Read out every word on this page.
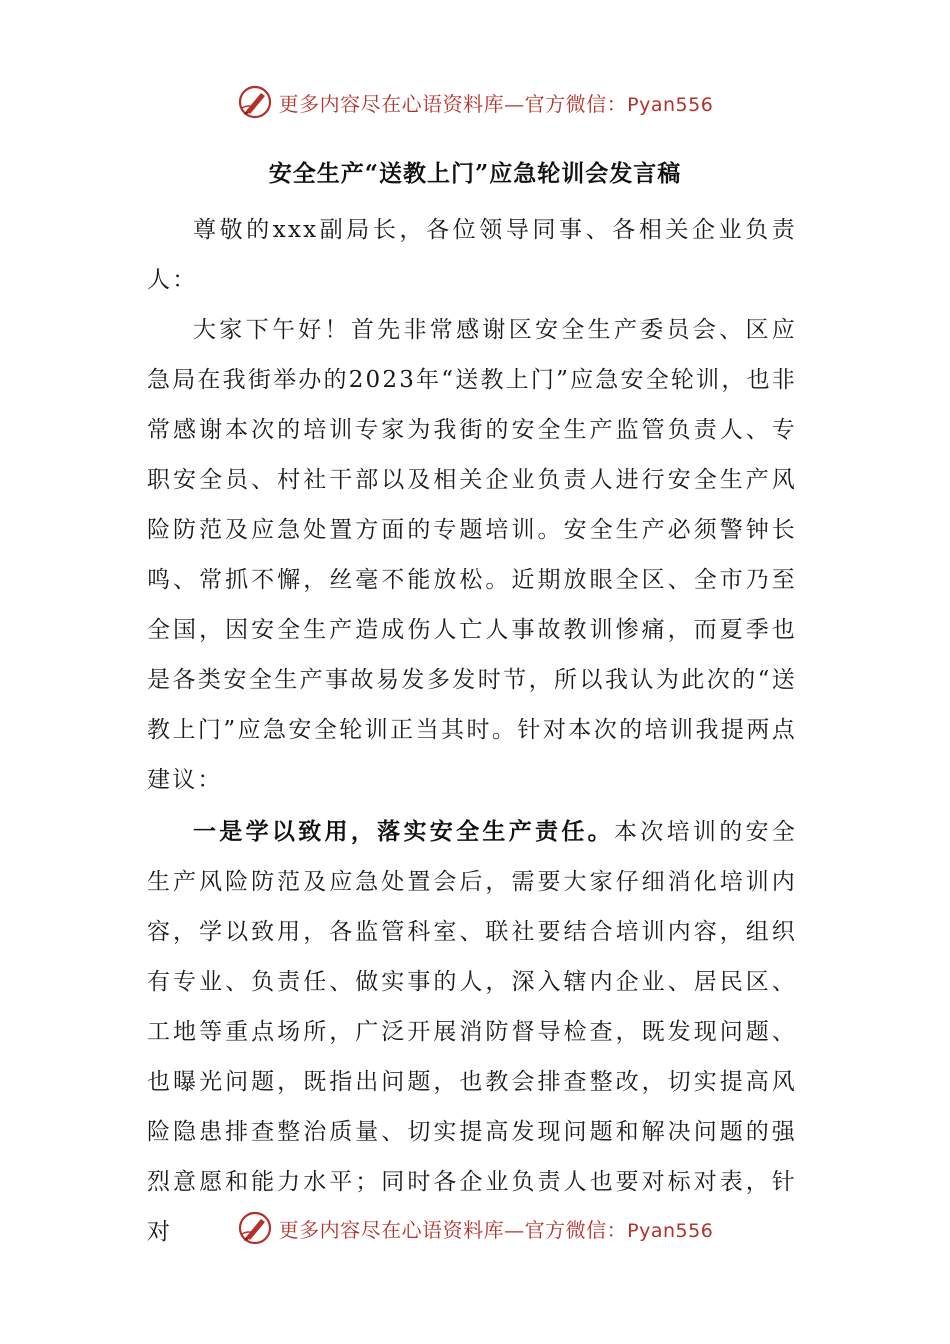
更多内容尽在心语资料库—官方微信：Pyan556
安全生产“送教上门”应急轮训会发言稿

尊敬的xxx副局长，各位领导同事、各相关企业负责人：

大家下午好！首先非常感谢区安全生产委员会、区应急局在我街举办的2023年“送教上门”应急安全轮训，也非常感谢本次的培训专家为我街的安全生产监管负责人、专职安全员、村社干部以及相关企业负责人进行安全生产风险防范及应急处置方面的专题培训。安全生产必须警钟长鸣、常抓不懈，丝毫不能放松。近期放眼全区、全市乃至全国，因安全生产造成伤人亡人事故教训惨痛，而夏季也是各类安全生产事故易发多发时节，所以我认为此次的“送教上门”应急安全轮训正当其时。针对本次的培训我提两点建议：

一是学以致用，落实安全生产责任。本次培训的安全生产风险防范及应急处置会后，需要大家仔细消化培训内容，学以致用，各监管科室、联社要结合培训内容，组织有专业、负责任、做实事的人，深入辖内企业、居民区、工地等重点场所，广泛开展消防督导检查，既发现问题、也曝光问题，既指出问题，也教会排查整改，切实提高风险隐患排查整治质量、切实提高发现问题和解决问题的强烈意愿和能力水平；同时各企业负责人也要对标对表，针对	更多内容尽在心语资料库—官方微信：Pyan556
